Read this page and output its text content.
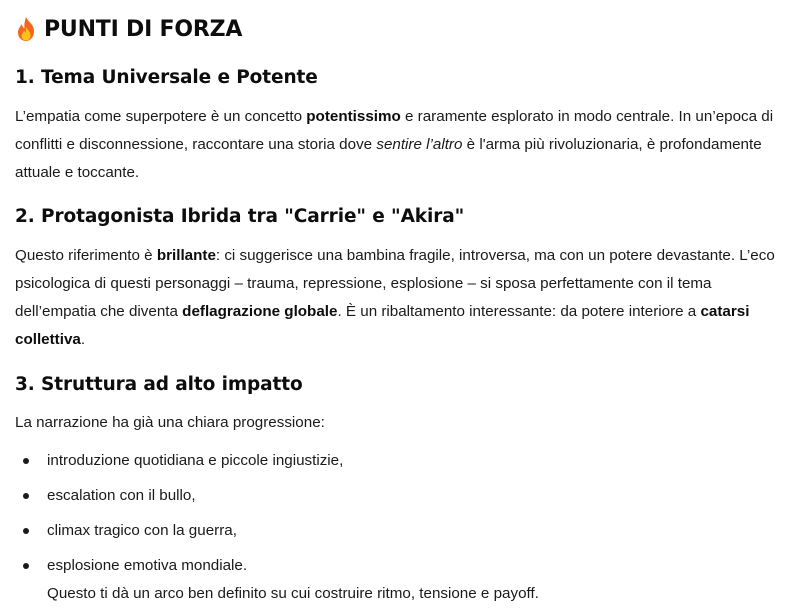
PUNTI DI FORZA
1. Tema Universale e Potente

L’empatia come superpotere è un concetto potentissimo e raramente esplorato in modo centrale. In un’epoca di conflitti e disconnessione, raccontare una storia dove sentire l’altro è l'arma più rivoluzionaria, è profondamente attuale e toccante.

2. Protagonista Ibrida tra "Carrie" e "Akira"

Questo riferimento è brillante: ci suggerisce una bambina fragile, introversa, ma con un potere devastante. L’eco psicologica di questi personaggi – trauma, repressione, esplosione – si sposa perfettamente con il tema dell’empatia che diventa deflagrazione globale. È un ribaltamento interessante: da potere interiore a catarsi collettiva.

3. Struttura ad alto impatto

La narrazione ha già una chiara progressione:

introduzione quotidiana e piccole ingiustizie,
escalation con il bullo,
climax tragico con la guerra,
esplosione emotiva mondiale.
Questo ti dà un arco ben definito su cui costruire ritmo, tensione e payoff.
